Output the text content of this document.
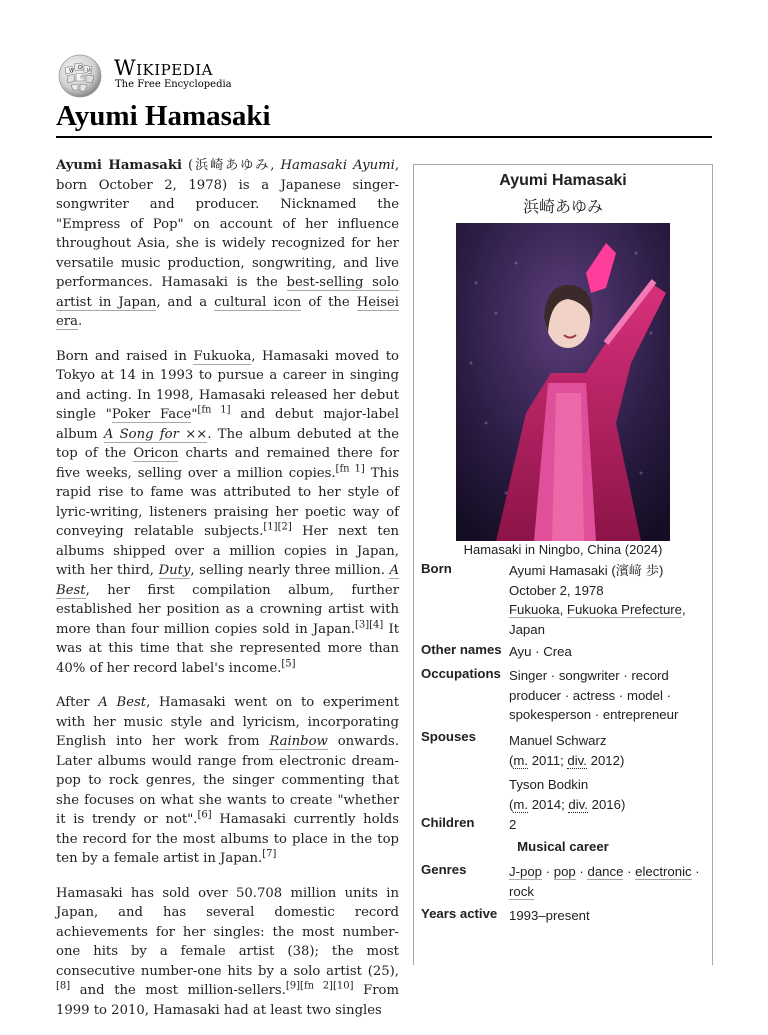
W Ω И
ウ Wikipedia
The Free Encyclopedia
Ayumi Hamasaki

Ayumi Hamasaki (浜崎あゆみ, Hamasaki Ayumi, born October 2, 1978) is a Japanese singer-songwriter and producer. Nicknamed the "Empress of Pop" on account of her influence throughout Asia, she is widely recognized for her versatile music production, songwriting, and live performances. Hamasaki is the best-selling solo artist in Japan, and a cultural icon of the Heisei era.

Born and raised in Fukuoka, Hamasaki moved to Tokyo at 14 in 1993 to pursue a career in singing and acting. In 1998, Hamasaki released her debut single "Poker Face"[fn 1] and debut major-label album A Song for ××. The album debuted at the top of the Oricon charts and remained there for five weeks, selling over a million copies.[fn 1] This rapid rise to fame was attributed to her style of lyric-writing, listeners praising her poetic way of conveying relatable subjects.[1][2] Her next ten albums shipped over a million copies in Japan, with her third, Duty, selling nearly three million. A Best, her first compilation album, further established her position as a crowning artist with more than four million copies sold in Japan.[3][4] It was at this time that she represented more than 40% of her record label's income.[5]

After A Best, Hamasaki went on to experiment with her music style and lyricism, incorporating English into her work from Rainbow onwards. Later albums would range from electronic dream-pop to rock genres, the singer commenting that she focuses on what she wants to create "whether it is trendy or not".[6] Hamasaki currently holds the record for the most albums to place in the top ten by a female artist in Japan.[7]

Hamasaki has sold over 50.708 million units in Japan, and has several domestic record achievements for her singles: the most number-one hits by a female artist (38); the most consecutive number-one hits by a solo artist (25),[8] and the most million-sellers.[9][fn 2][10] From 1999 to 2010, Hamasaki had at least two singles

Ayumi Hamasaki
浜崎あゆみ
Hamasaki in Ningbo, China (2024)
Born	Ayumi Hamasaki (濱﨑 歩)
October 2, 1978
Fukuoka, Fukuoka Prefecture,
Japan
Other names Ayu · Crea
Occupations Singer · songwriter · record
producer · actress · model ·
spokesperson · entrepreneur
Spouses	Manuel Schwarz
(m. 2011; div. 2012)
Tyson Bodkin
(m. 2014; div. 2016)
Children	2
Musical career
Genres	J-pop · pop · dance · electronic ·
rock
Years active 1993–present
